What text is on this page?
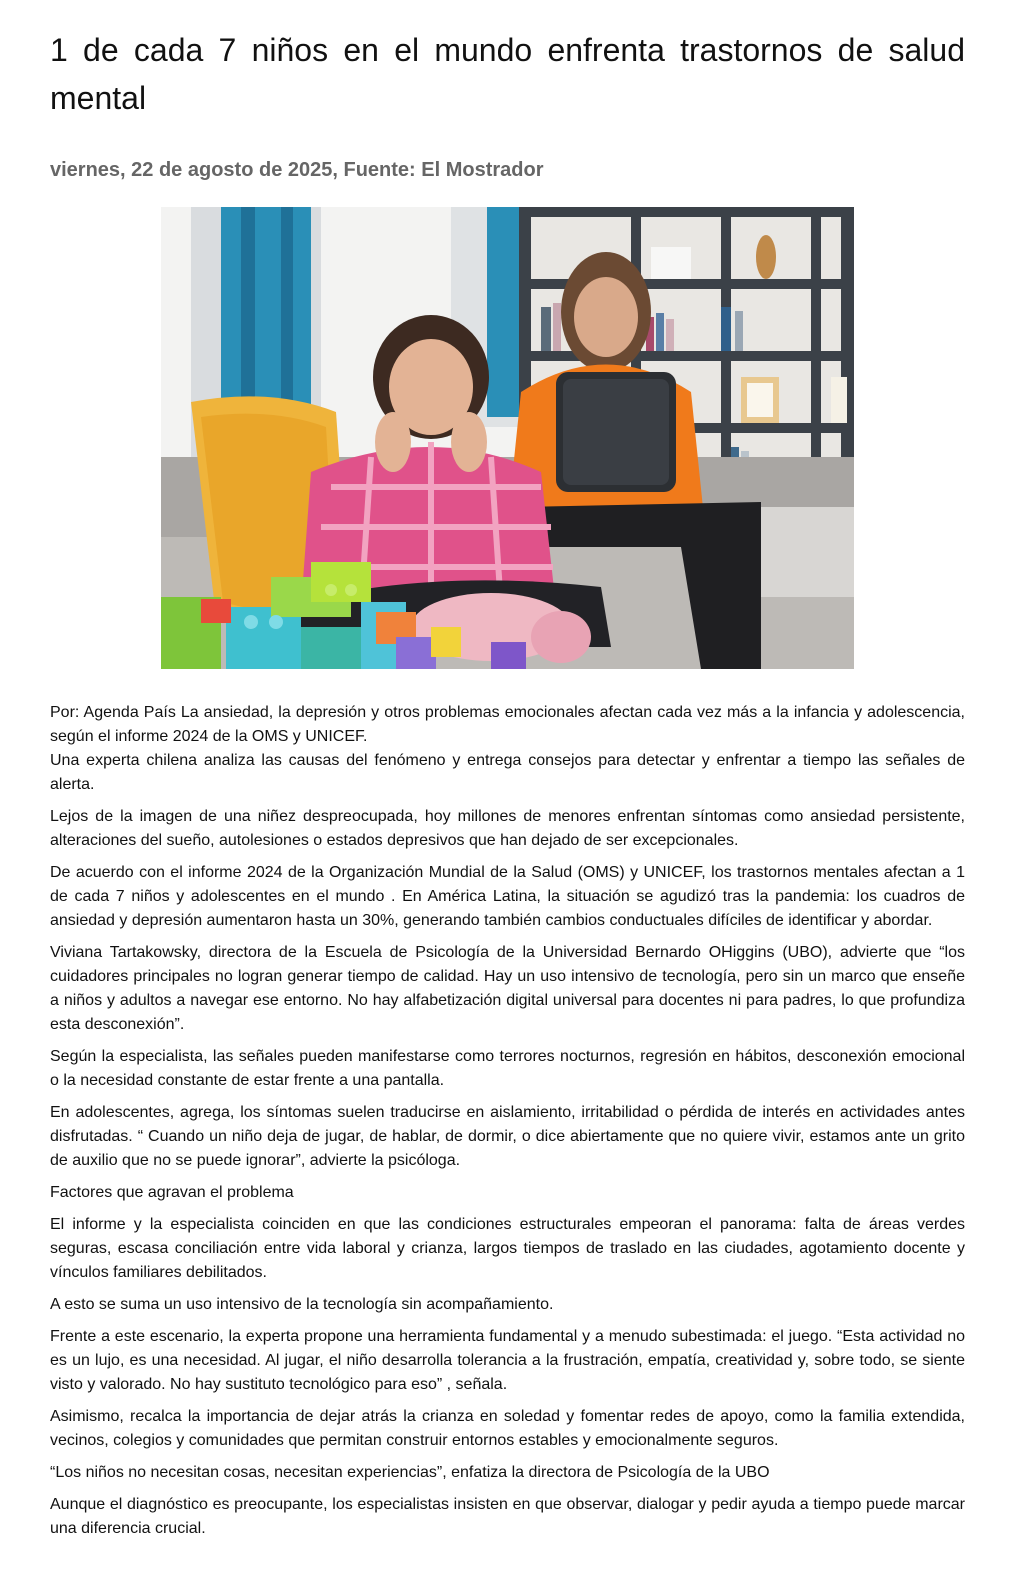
1 de cada 7 niños en el mundo enfrenta trastornos de salud mental
viernes, 22 de agosto de 2025, Fuente: El Mostrador

Por: Agenda País La ansiedad, la depresión y otros problemas emocionales afectan cada vez más a la infancia y adolescencia, según el informe 2024 de la OMS y UNICEF.
Una experta chilena analiza las causas del fenómeno y entrega consejos para detectar y enfrentar a tiempo las señales de alerta.

Lejos de la imagen de una niñez despreocupada, hoy millones de menores enfrentan síntomas como ansiedad persistente, alteraciones del sueño, autolesiones o estados depresivos que han dejado de ser excepcionales.

De acuerdo con el informe 2024 de la Organización Mundial de la Salud (OMS) y UNICEF, los trastornos mentales afectan a 1 de cada 7 niños y adolescentes en el mundo . En América Latina, la situación se agudizó tras la pandemia: los cuadros de ansiedad y depresión aumentaron hasta un 30%, generando también cambios conductuales difíciles de identificar y abordar.

Viviana Tartakowsky, directora de la Escuela de Psicología de la Universidad Bernardo OHiggins (UBO), advierte que “los cuidadores principales no logran generar tiempo de calidad. Hay un uso intensivo de tecnología, pero sin un marco que enseñe a niños y adultos a navegar ese entorno. No hay alfabetización digital universal para docentes ni para padres, lo que profundiza esta desconexión”.

Según la especialista, las señales pueden manifestarse como terrores nocturnos, regresión en hábitos, desconexión emocional o la necesidad constante de estar frente a una pantalla.

En adolescentes, agrega, los síntomas suelen traducirse en aislamiento, irritabilidad o pérdida de interés en actividades antes disfrutadas. “ Cuando un niño deja de jugar, de hablar, de dormir, o dice abiertamente que no quiere vivir, estamos ante un grito de auxilio que no se puede ignorar”, advierte la psicóloga.

Factores que agravan el problema

El informe y la especialista coinciden en que las condiciones estructurales empeoran el panorama: falta de áreas verdes seguras, escasa conciliación entre vida laboral y crianza, largos tiempos de traslado en las ciudades, agotamiento docente y vínculos familiares debilitados.

A esto se suma un uso intensivo de la tecnología sin acompañamiento.

Frente a este escenario, la experta propone una herramienta fundamental y a menudo subestimada: el juego. “Esta actividad no es un lujo, es una necesidad. Al jugar, el niño desarrolla tolerancia a la frustración, empatía, creatividad y, sobre todo, se siente visto y valorado. No hay sustituto tecnológico para eso” , señala.

Asimismo, recalca la importancia de dejar atrás la crianza en soledad y fomentar redes de apoyo, como la familia extendida, vecinos, colegios y comunidades que permitan construir entornos estables y emocionalmente seguros.

“Los niños no necesitan cosas, necesitan experiencias”, enfatiza la directora de Psicología de la UBO

Aunque el diagnóstico es preocupante, los especialistas insisten en que observar, dialogar y pedir ayuda a tiempo puede marcar una diferencia crucial.
